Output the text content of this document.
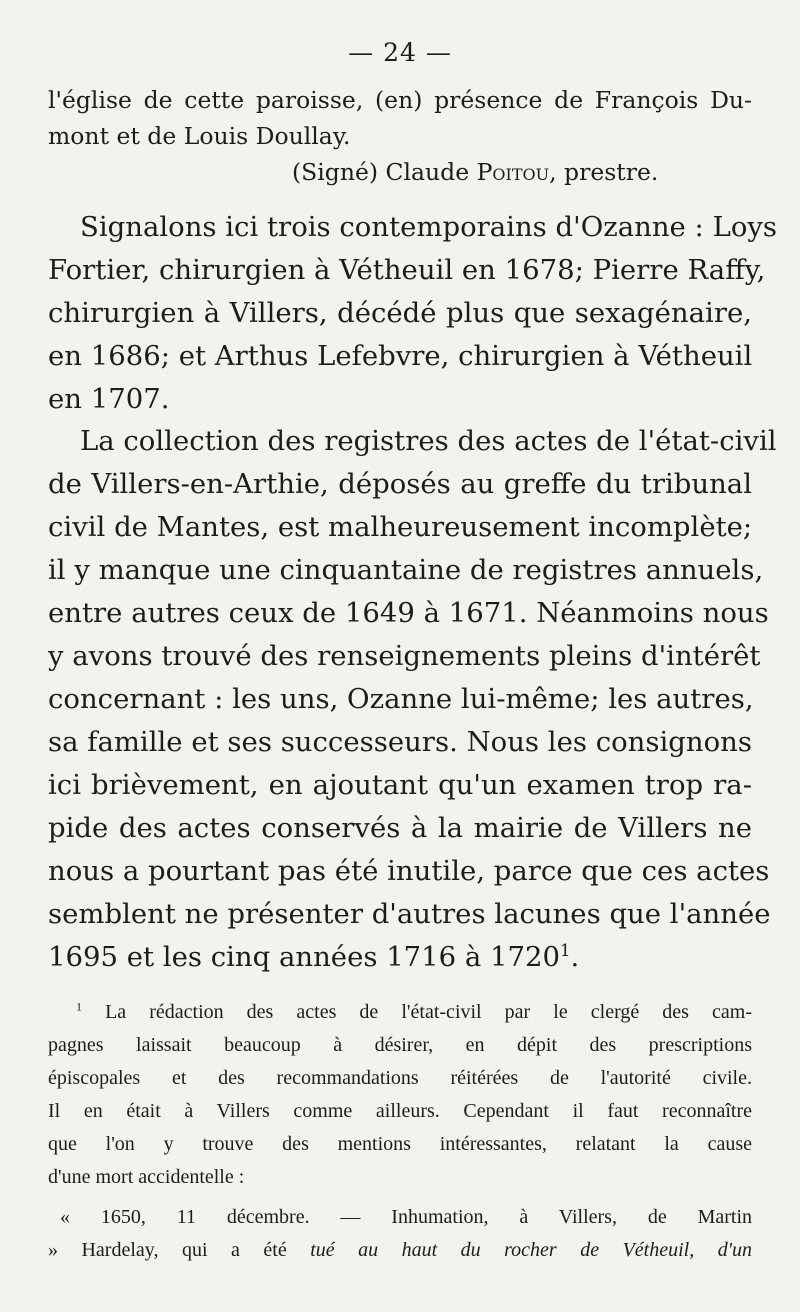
— 24 —
l'église de cette paroisse, (en) présence de François Du-
mont et de Louis Doullay.
(Signé) Claude Poitou, prestre.
Signalons ici trois contemporains d'Ozanne : Loys
Fortier, chirurgien à Vétheuil en 1678; Pierre Raffy,
chirurgien à Villers, décédé plus que sexagénaire,
en 1686; et Arthus Lefebvre, chirurgien à Vétheuil
en 1707.
La collection des registres des actes de l'état-civil
de Villers-en-Arthie, déposés au greffe du tribunal
civil de Mantes, est malheureusement incomplète;
il y manque une cinquantaine de registres annuels,
entre autres ceux de 1649 à 1671. Néanmoins nous
y avons trouvé des renseignements pleins d'intérêt
concernant : les uns, Ozanne lui-même; les autres,
sa famille et ses successeurs. Nous les consignons
ici brièvement, en ajoutant qu'un examen trop ra-
pide des actes conservés à la mairie de Villers ne
nous a pourtant pas été inutile, parce que ces actes
semblent ne présenter d'autres lacunes que l'année
1695 et les cinq années 1716 à 1720$^1$.
$^1$ La rédaction des actes de l'état-civil par le clergé des cam-
pagnes laissait beaucoup à désirer, en dépit des prescriptions
épiscopales et des recommandations réitérées de l'autorité civile.
Il en était à Villers comme ailleurs. Cependant il faut reconnaître
que l'on y trouve des mentions intéressantes, relatant la cause
d'une mort accidentelle :
« 1650, 11 décembre. — Inhumation, à Villers, de Martin
» Hardelay, qui a été tué au haut du rocher de Vétheuil, d'un
